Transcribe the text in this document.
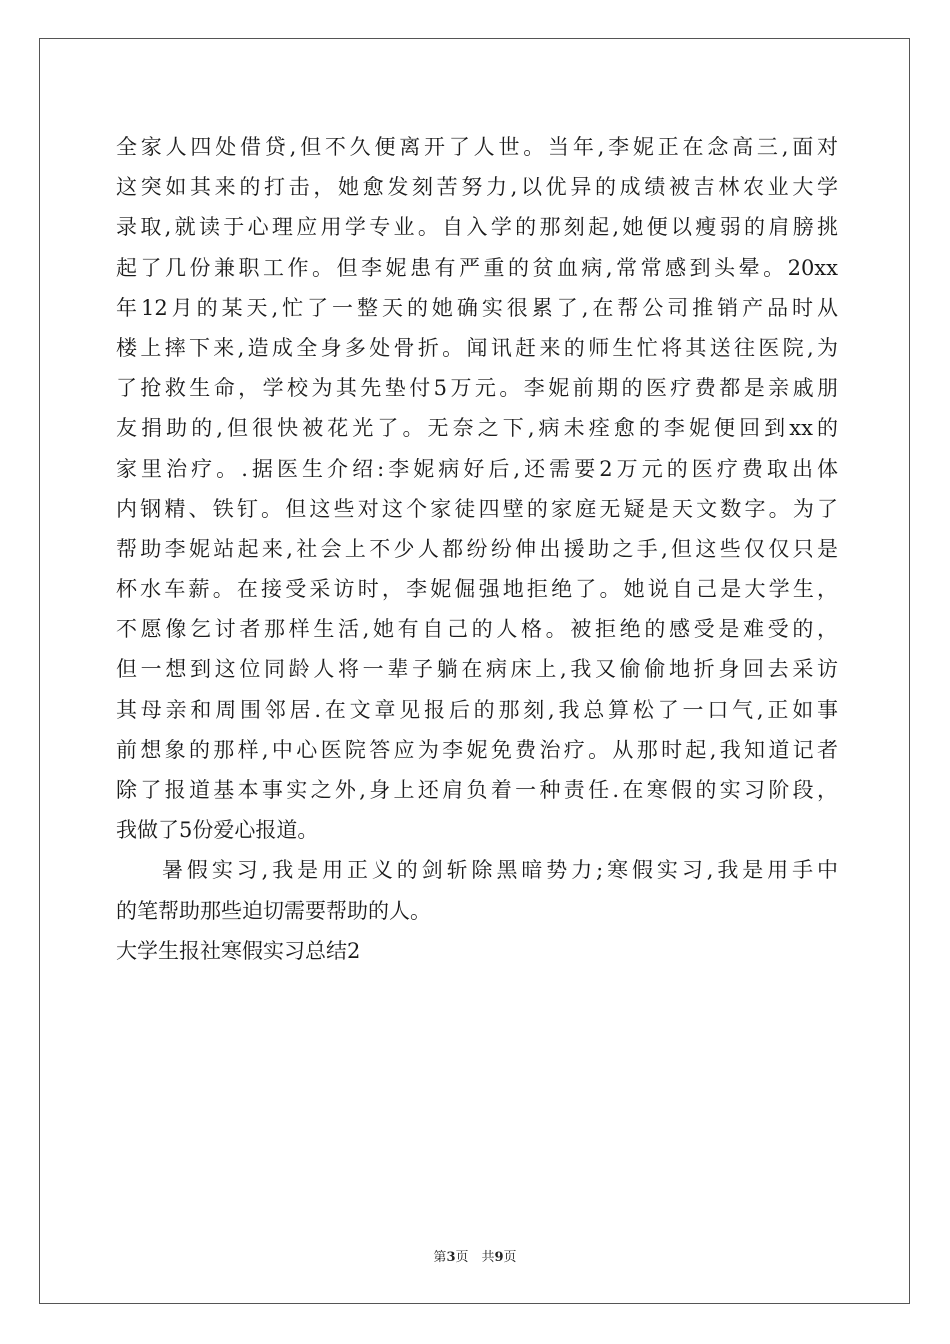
全家人四处借贷,但不久便离开了人世。当年,李妮正在念高三,面对
这突如其来的打击，她愈发刻苦努力,以优异的成绩被吉林农业大学
录取,就读于心理应用学专业。自入学的那刻起,她便以瘦弱的肩膀挑
起了几份兼职工作。但李妮患有严重的贫血病,常常感到头晕。20xx
年12月的某天,忙了一整天的她确实很累了,在帮公司推销产品时从
楼上摔下来,造成全身多处骨折。闻讯赶来的师生忙将其送往医院,为
了抢救生命，学校为其先垫付5万元。李妮前期的医疗费都是亲戚朋
友捐助的,但很快被花光了。无奈之下,病未痊愈的李妮便回到xx的
家里治疗。.据医生介绍:李妮病好后,还需要2万元的医疗费取出体
内钢精、铁钉。但这些对这个家徒四壁的家庭无疑是天文数字。为了
帮助李妮站起来,社会上不少人都纷纷伸出援助之手,但这些仅仅只是
杯水车薪。在接受采访时，李妮倔强地拒绝了。她说自己是大学生，
不愿像乞讨者那样生活,她有自己的人格。被拒绝的感受是难受的，
但一想到这位同龄人将一辈子躺在病床上,我又偷偷地折身回去采访
其母亲和周围邻居.在文章见报后的那刻,我总算松了一口气,正如事
前想象的那样,中心医院答应为李妮免费治疗。从那时起,我知道记者
除了报道基本事实之外,身上还肩负着一种责任.在寒假的实习阶段，
我做了5份爱心报道。
暑假实习,我是用正义的剑斩除黑暗势力;寒假实习,我是用手中
的笔帮助那些迫切需要帮助的人。
大学生报社寒假实习总结2
第3页　共9页
